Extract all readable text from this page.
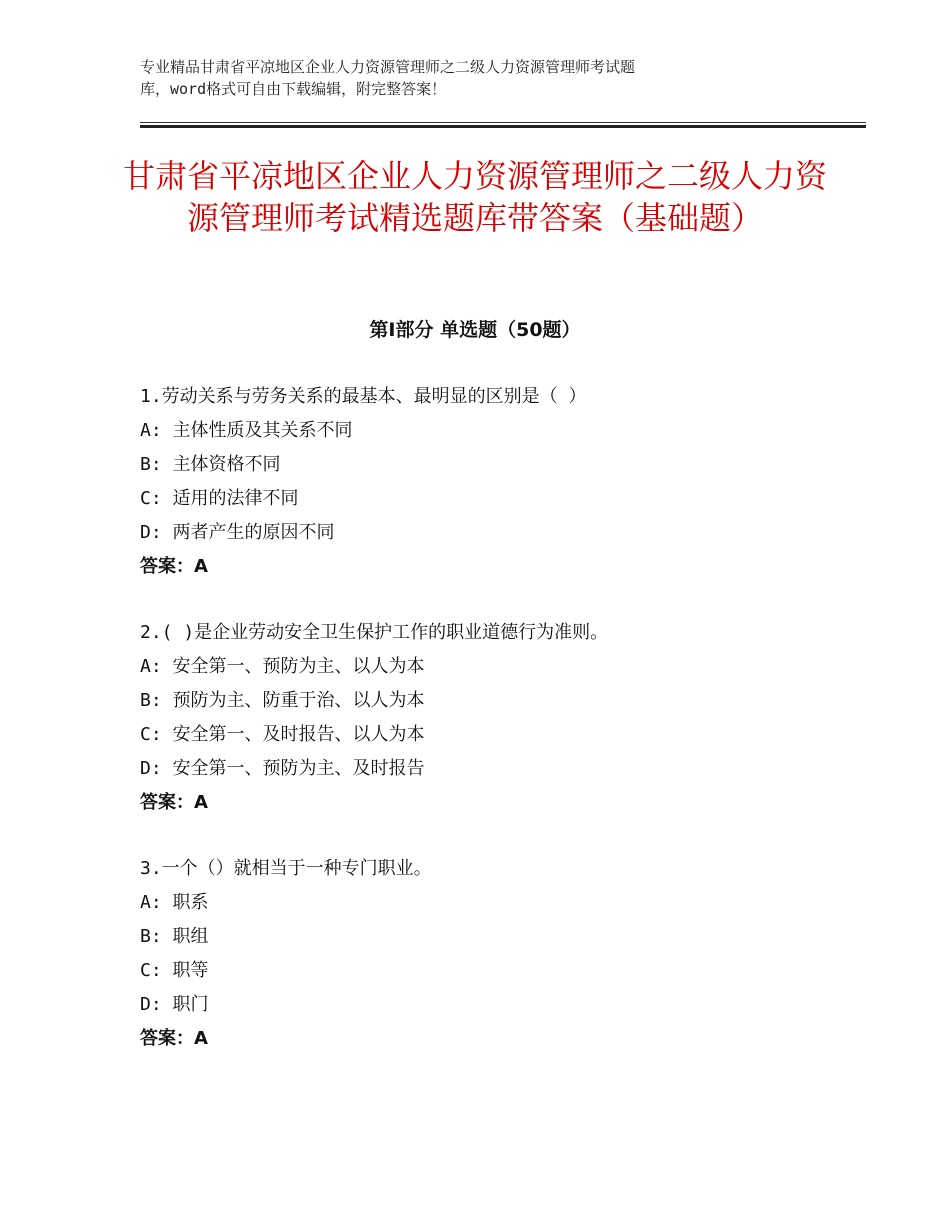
专业精品甘肃省平凉地区企业人力资源管理师之二级人力资源管理师考试题
库，word格式可自由下载编辑，附完整答案！
甘肃省平凉地区企业人力资源管理师之二级人力资源管理师考试精选题库带答案（基础题）
第Ⅰ部分 单选题（50题）
1.劳动关系与劳务关系的最基本、最明显的区别是（ ）
A: 主体性质及其关系不同
B: 主体资格不同
C: 适用的法律不同
D: 两者产生的原因不同
答案：A
2.( )是企业劳动安全卫生保护工作的职业道德行为准则。
A: 安全第一、预防为主、以人为本
B: 预防为主、防重于治、以人为本
C: 安全第一、及时报告、以人为本
D: 安全第一、预防为主、及时报告
答案：A
3.一个（）就相当于一种专门职业。
A: 职系
B: 职组
C: 职等
D: 职门
答案：A
